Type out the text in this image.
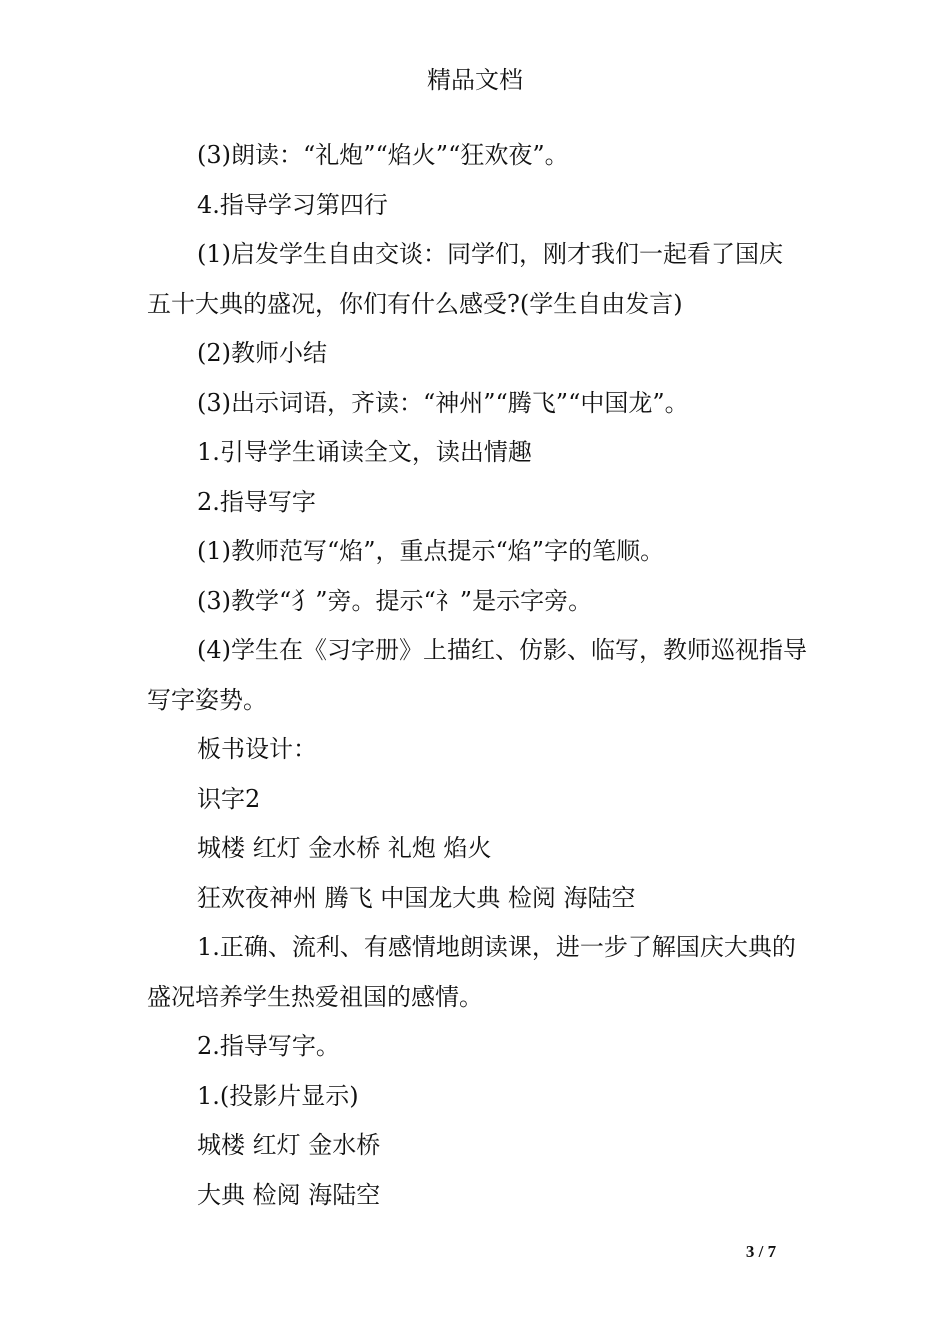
精品文档

(3)朗读：“礼炮”“焰火”“狂欢夜”。

4.指导学习第四行

(1)启发学生自由交谈：同学们，刚才我们一起看了国庆

五十大典的盛况，你们有什么感受?(学生自由发言)

(2)教师小结

(3)出示词语，齐读：“神州”“腾飞”“中国龙”。

1.引导学生诵读全文，读出情趣

2.指导写字

(1)教师范写“焰”，重点提示“焰”字的笔顺。

(3)教学“犭”旁。提示“礻”是示字旁。

(4)学生在《习字册》上描红、仿影、临写，教师巡视指导

写字姿势。

板书设计：

识字2

城楼 红灯 金水桥 礼炮 焰火

狂欢夜神州 腾飞 中国龙大典 检阅 海陆空

1.正确、流利、有感情地朗读课，进一步了解国庆大典的

盛况培养学生热爱祖国的感情。

2.指导写字。

1.(投影片显示)

城楼 红灯 金水桥

大典 检阅 海陆空

3 / 7
